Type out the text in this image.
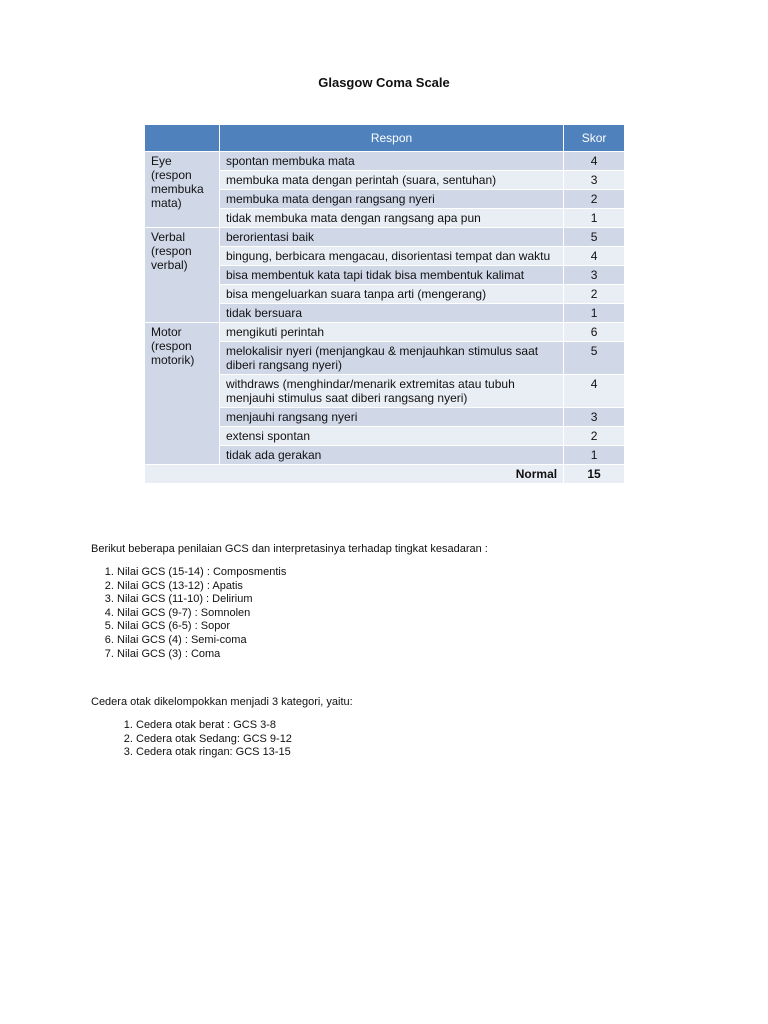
Glasgow Coma Scale
	Respon	Skor
Eye (respon membuka mata)	spontan membuka mata	4
	membuka mata dengan perintah (suara, sentuhan)	3
	membuka mata dengan rangsang nyeri	2
	tidak membuka mata dengan rangsang apa pun	1
Verbal (respon verbal)	berorientasi baik	5
	bingung, berbicara mengacau, disorientasi tempat dan waktu	4
	bisa membentuk kata tapi tidak bisa membentuk kalimat	3
	bisa mengeluarkan suara tanpa arti (mengerang)	2
	tidak bersuara	1
Motor (respon motorik)	mengikuti perintah	6
	melokalisir nyeri (menjangkau & menjauhkan stimulus saat diberi rangsang nyeri)	5
	withdraws (menghindar/menarik extremitas atau tubuh menjauhi stimulus saat diberi rangsang nyeri)	4
	menjauhi rangsang nyeri	3
	extensi spontan	2
	tidak ada gerakan	1
Normal		15
Berikut beberapa penilaian GCS dan interpretasinya terhadap tingkat kesadaran :
1. Nilai GCS (15-14) : Composmentis
2. Nilai GCS (13-12) : Apatis
3. Nilai GCS (11-10) : Delirium
4. Nilai GCS (9-7) : Somnolen
5. Nilai GCS (6-5) : Sopor
6. Nilai GCS (4) : Semi-coma
7. Nilai GCS (3) : Coma
Cedera otak dikelompokkan menjadi 3 kategori, yaitu:
1. Cedera otak berat : GCS 3-8
2. Cedera otak Sedang: GCS 9-12
3. Cedera otak ringan: GCS 13-15
